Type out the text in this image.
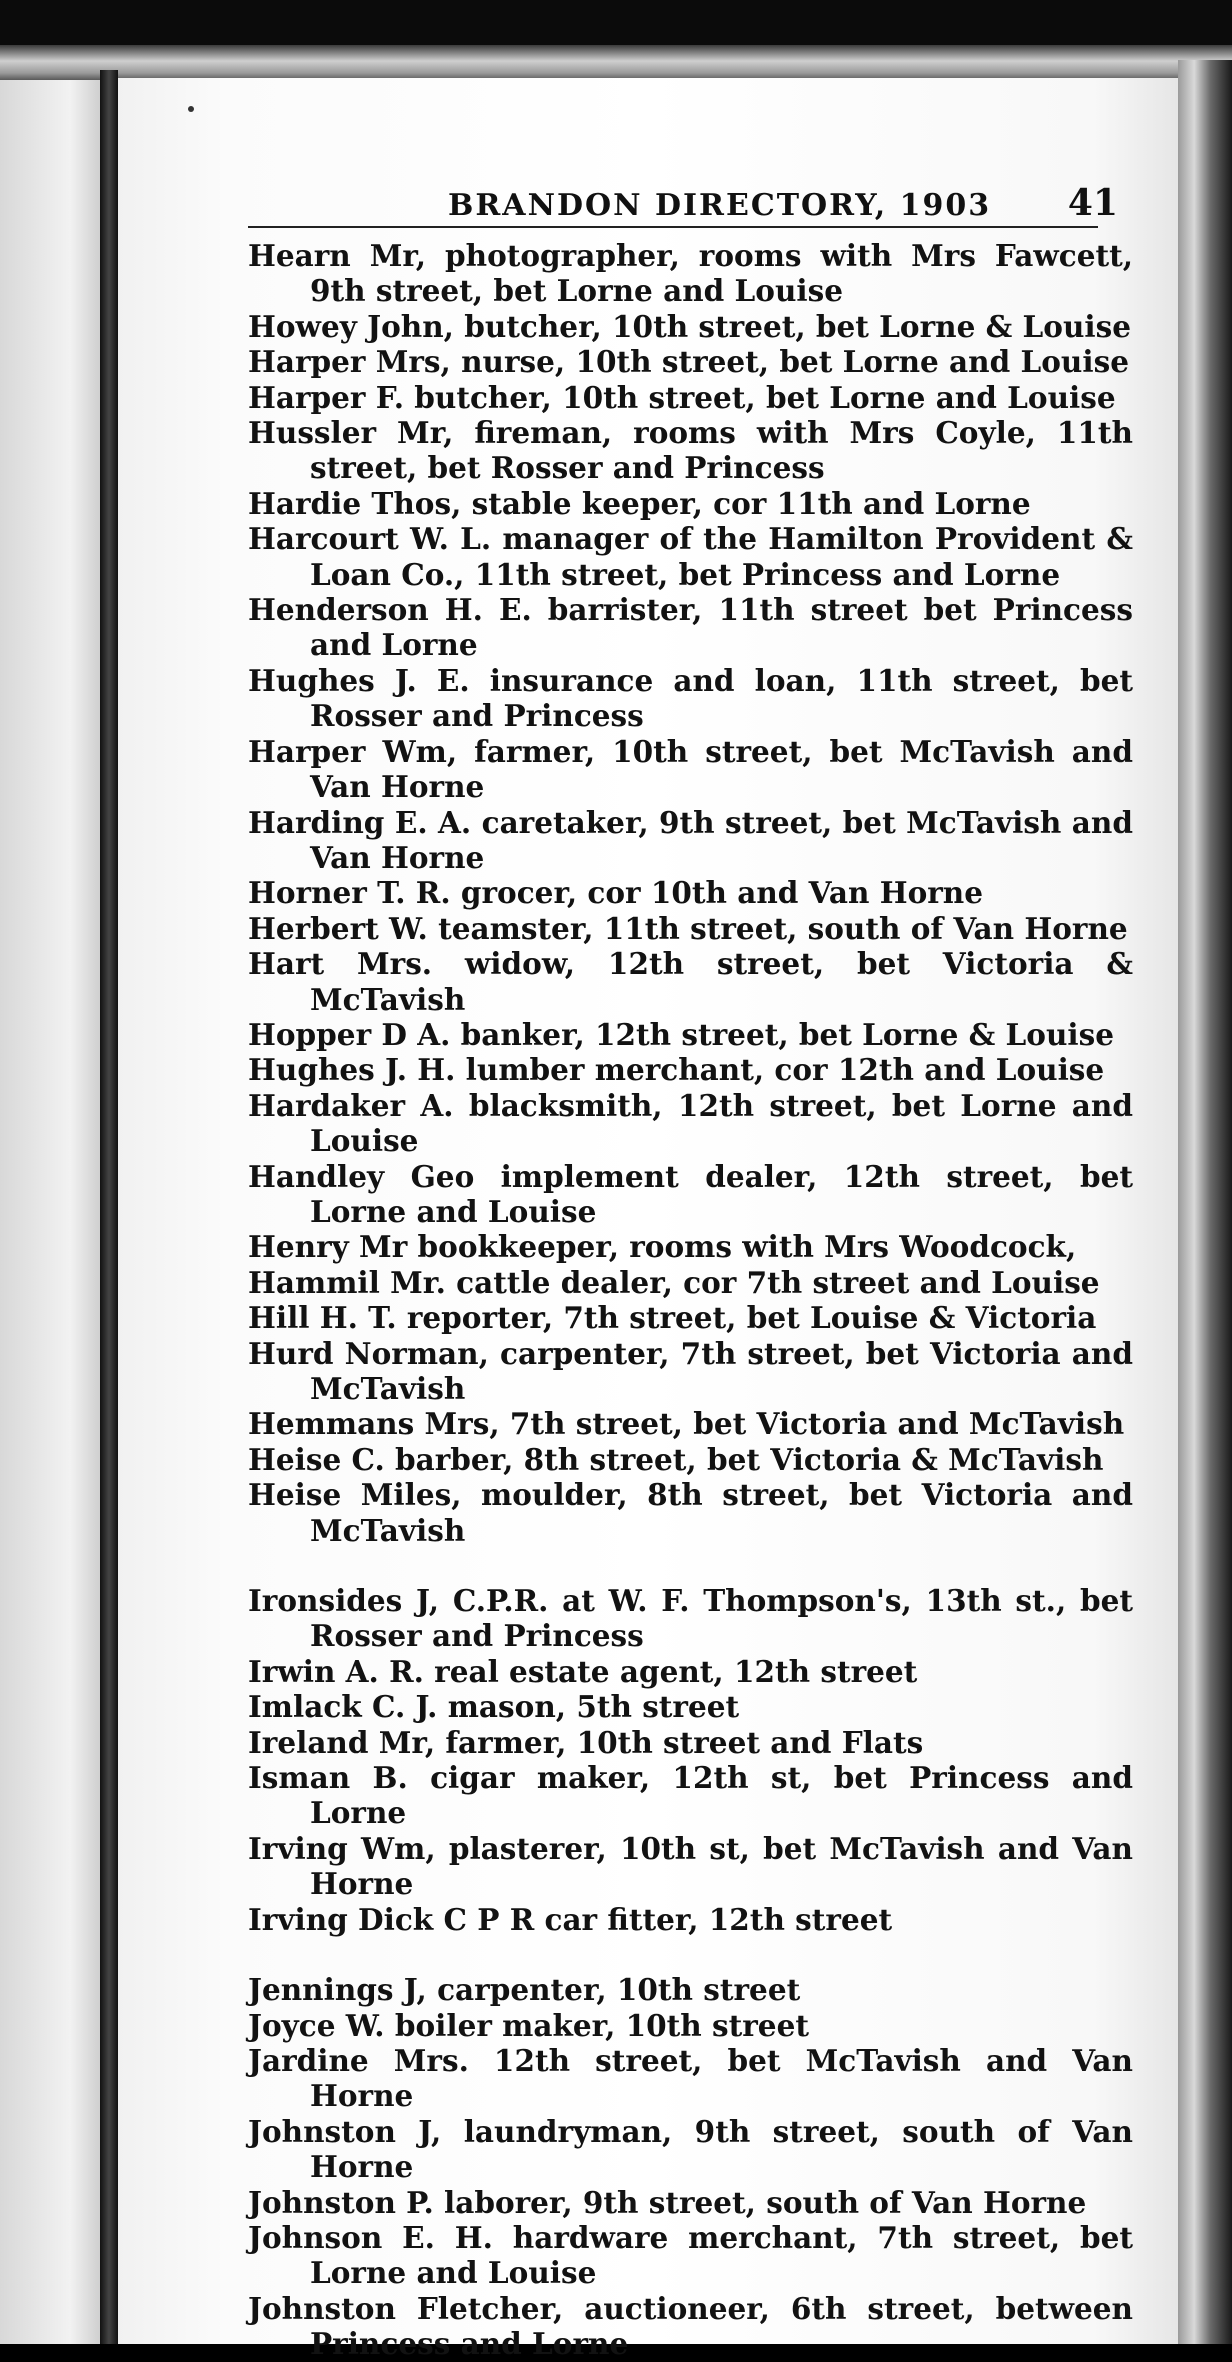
BRANDON DIRECTORY, 1903 41

Hearn Mr, photographer, rooms with Mrs Fawcett, 9th street, bet Lorne and Louise

Howey John, butcher, 10th street, bet Lorne & Louise

Harper Mrs, nurse, 10th street, bet Lorne and Louise

Harper F. butcher, 10th street, bet Lorne and Louise

Hussler Mr, fireman, rooms with Mrs Coyle, 11th street, bet Rosser and Princess

Hardie Thos, stable keeper, cor 11th and Lorne

Harcourt W. L. manager of the Hamilton Provident & Loan Co., 11th street, bet Princess and Lorne

Henderson H. E. barrister, 11th street bet Princess and Lorne

Hughes J. E. insurance and loan, 11th street, bet Rosser and Princess

Harper Wm, farmer, 10th street, bet McTavish and Van Horne

Harding E. A. caretaker, 9th street, bet McTavish and Van Horne

Horner T. R. grocer, cor 10th and Van Horne

Herbert W. teamster, 11th street, south of Van Horne

Hart Mrs. widow, 12th street, bet Victoria & McTavish

Hopper D A. banker, 12th street, bet Lorne & Louise

Hughes J. H. lumber merchant, cor 12th and Louise

Hardaker A. blacksmith, 12th street, bet Lorne and Louise

Handley Geo implement dealer, 12th street, bet Lorne and Louise

Henry Mr bookkeeper, rooms with Mrs Woodcock,

Hammil Mr. cattle dealer, cor 7th street and Louise

Hill H. T. reporter, 7th street, bet Louise & Victoria

Hurd Norman, carpenter, 7th street, bet Victoria and McTavish

Hemmans Mrs, 7th street, bet Victoria and McTavish

Heise C. barber, 8th street, bet Victoria & McTavish

Heise Miles, moulder, 8th street, bet Victoria and McTavish

Ironsides J, C.P.R. at W. F. Thompson's, 13th st., bet Rosser and Princess

Irwin A. R. real estate agent, 12th street

Imlack C. J. mason, 5th street

Ireland Mr, farmer, 10th street and Flats

Isman B. cigar maker, 12th st, bet Princess and Lorne

Irving Wm, plasterer, 10th st, bet McTavish and Van Horne

Irving Dick C P R car fitter, 12th street

Jennings J, carpenter, 10th street

Joyce W. boiler maker, 10th street

Jardine Mrs. 12th street, bet McTavish and Van Horne

Johnston J, laundryman, 9th street, south of Van Horne

Johnston P. laborer, 9th street, south of Van Horne

Johnson E. H. hardware merchant, 7th street, bet Lorne and Louise

Johnston Fletcher, auctioneer, 6th street, between Princess and Lorne
